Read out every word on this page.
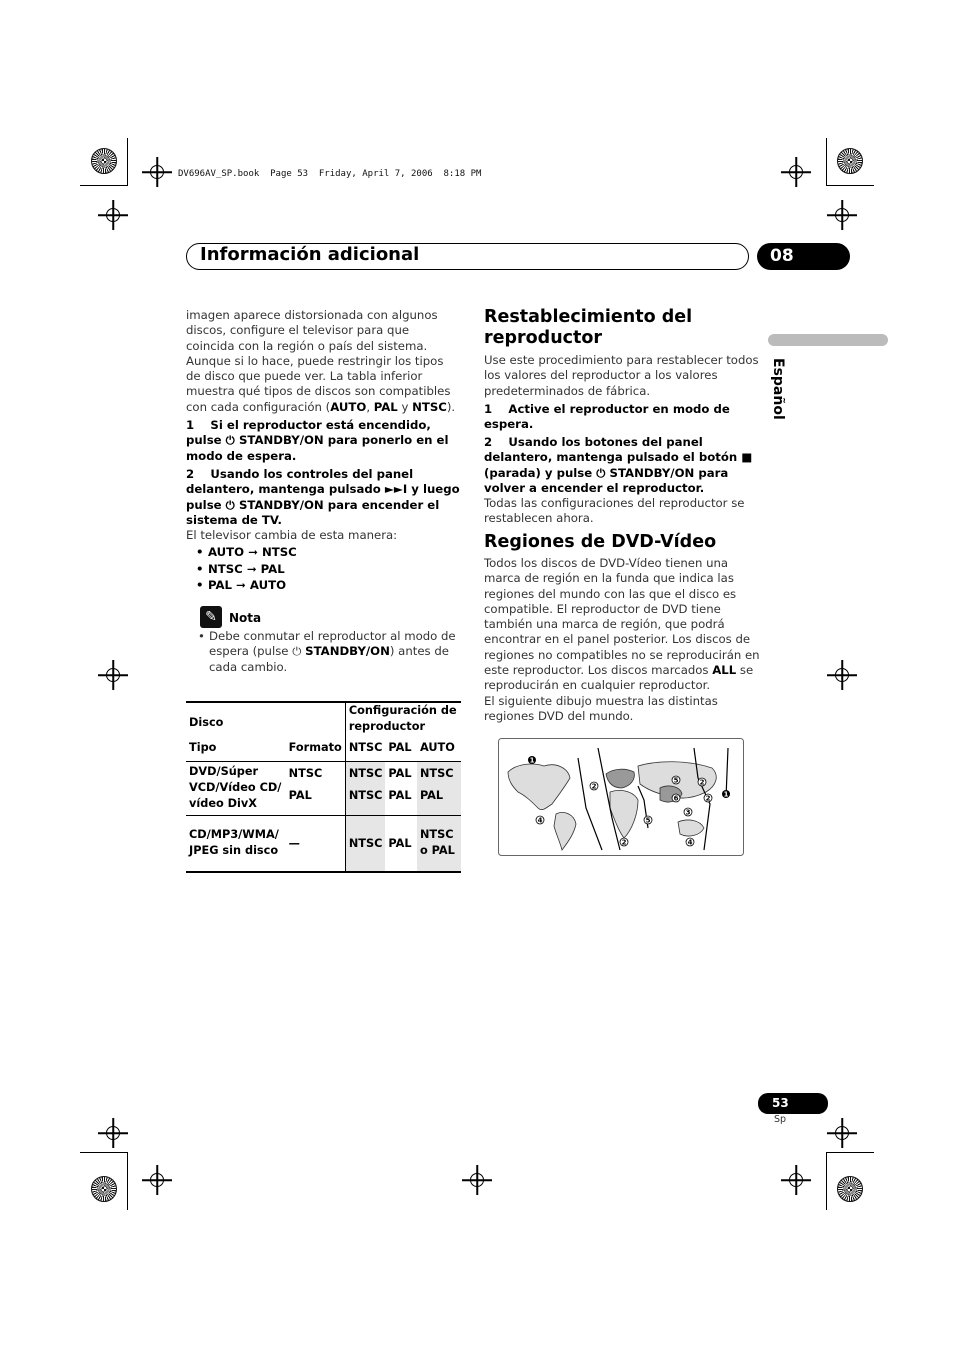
DV696AV_SP.book  Page 53  Friday, April 7, 2006  8:18 PM
Información adicional	08
Español
imagen aparece distorsionada con algunos discos, configure el televisor para que coincida con la región o país del sistema. Aunque si lo hace, puede restringir los tipos de disco que puede ver. La tabla inferior muestra qué tipos de discos son compatibles con cada configuración (AUTO, PAL y NTSC).
1    Si el reproductor está encendido, pulse ⏻ STANDBY/ON para ponerlo en el modo de espera.
2    Usando los controles del panel delantero, mantenga pulsado ►►I y luego pulse ⏻ STANDBY/ON para encender el sistema de TV.
El televisor cambia de esta manera:
• AUTO ➞ NTSC
• NTSC ➞ PAL
• PAL ➞ AUTO
✎	Nota
• Debe conmutar el reproductor al modo de espera (pulse ⏻ STANDBY/ON) antes de cada cambio.
Disco		Configuración de reproductor		
Tipo	Formato	NTSC	PAL	AUTO
DVD/Súper VCD/Vídeo CD/ vídeo DivX	NTSC	NTSC	PAL	NTSC
	PAL	NTSC	PAL	PAL
CD/MP3/WMA/ JPEG sin disco	—	NTSC	PAL	NTSC o PAL
Restablecimiento del reproductor
Use este procedimiento para restablecer todos los valores del reproductor a los valores predeterminados de fábrica.
1    Active el reproductor en modo de espera.
2    Usando los botones del panel delantero, mantenga pulsado el botón ■ (parada) y pulse ⏻ STANDBY/ON para volver a encender el reproductor.
Todas las configuraciones del reproductor se restablecen ahora.
Regiones de DVD-Vídeo
Todos los discos de DVD-Vídeo tienen una marca de región en la funda que indica las regiones del mundo con las que el disco es compatible. El reproductor de DVD tiene también una marca de región, que podrá encontrar en el panel posterior. Los discos de regiones no compatibles no se reproducirán en este reproductor. Los discos marcados ALL se reproducirán en cualquier reproductor.
El siguiente dibujo muestra las distintas regiones DVD del mundo.
1
2
4
2
5
5
6	2 1
2
4
3
53
Sp
